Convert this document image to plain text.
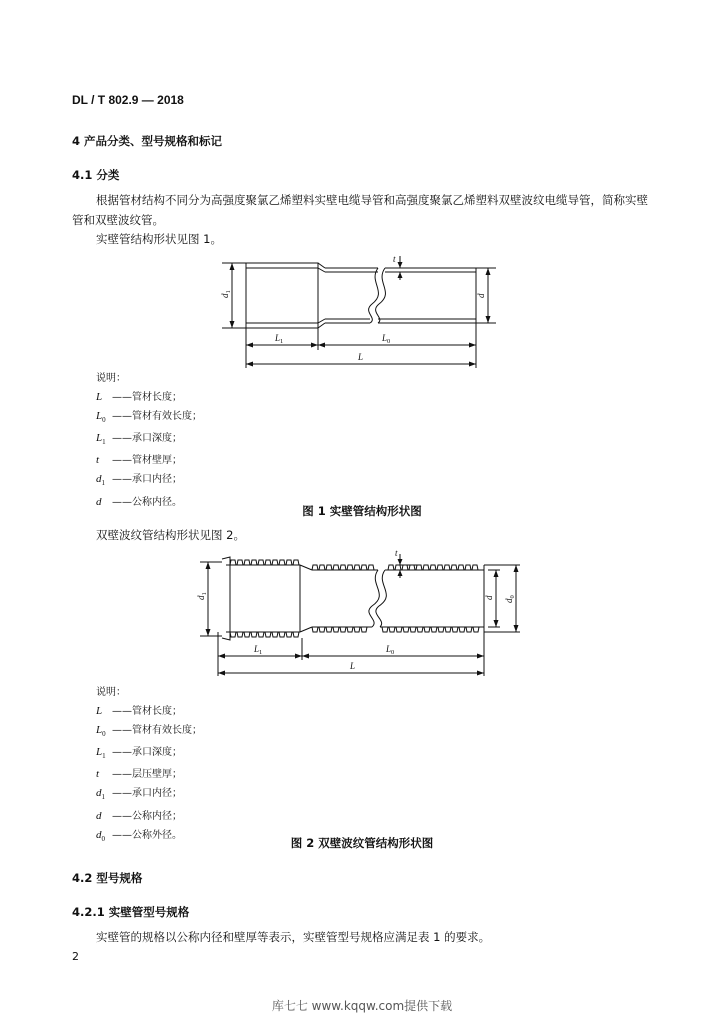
DL / T 802.9 — 2018
4 产品分类、型号规格和标记
4.1 分类
根据管材结构不同分为高强度聚氯乙烯塑料实壁电缆导管和高强度聚氯乙烯塑料双壁波纹电缆导管，简称实壁管和双壁波纹管。
实壁管结构形状见图 1。
t
$d_1$
d
$L_1$	$L_0$
L
说明：
L ——管材长度；
$L_0$ ——管材有效长度；
$L_1$ ——承口深度；
t ——管材壁厚；
$d_1$ ——承口内径；
d ——公称内径。
图 1 实壁管结构形状图
双壁波纹管结构形状见图 2。
t
$d_1$
d
$d_0$
$L_1$	$L_0$
L
说明：
L ——管材长度；
$L_0$ ——管材有效长度；
$L_1$ ——承口深度；
t ——层压壁厚；
$d_1$ ——承口内径；
d ——公称内径；
$d_0$ ——公称外径。
图 2 双壁波纹管结构形状图
4.2 型号规格
4.2.1 实壁管型号规格
实壁管的规格以公称内径和壁厚等表示，实壁管型号规格应满足表 1 的要求。
2
库七七 www.kqqw.com提供下载
